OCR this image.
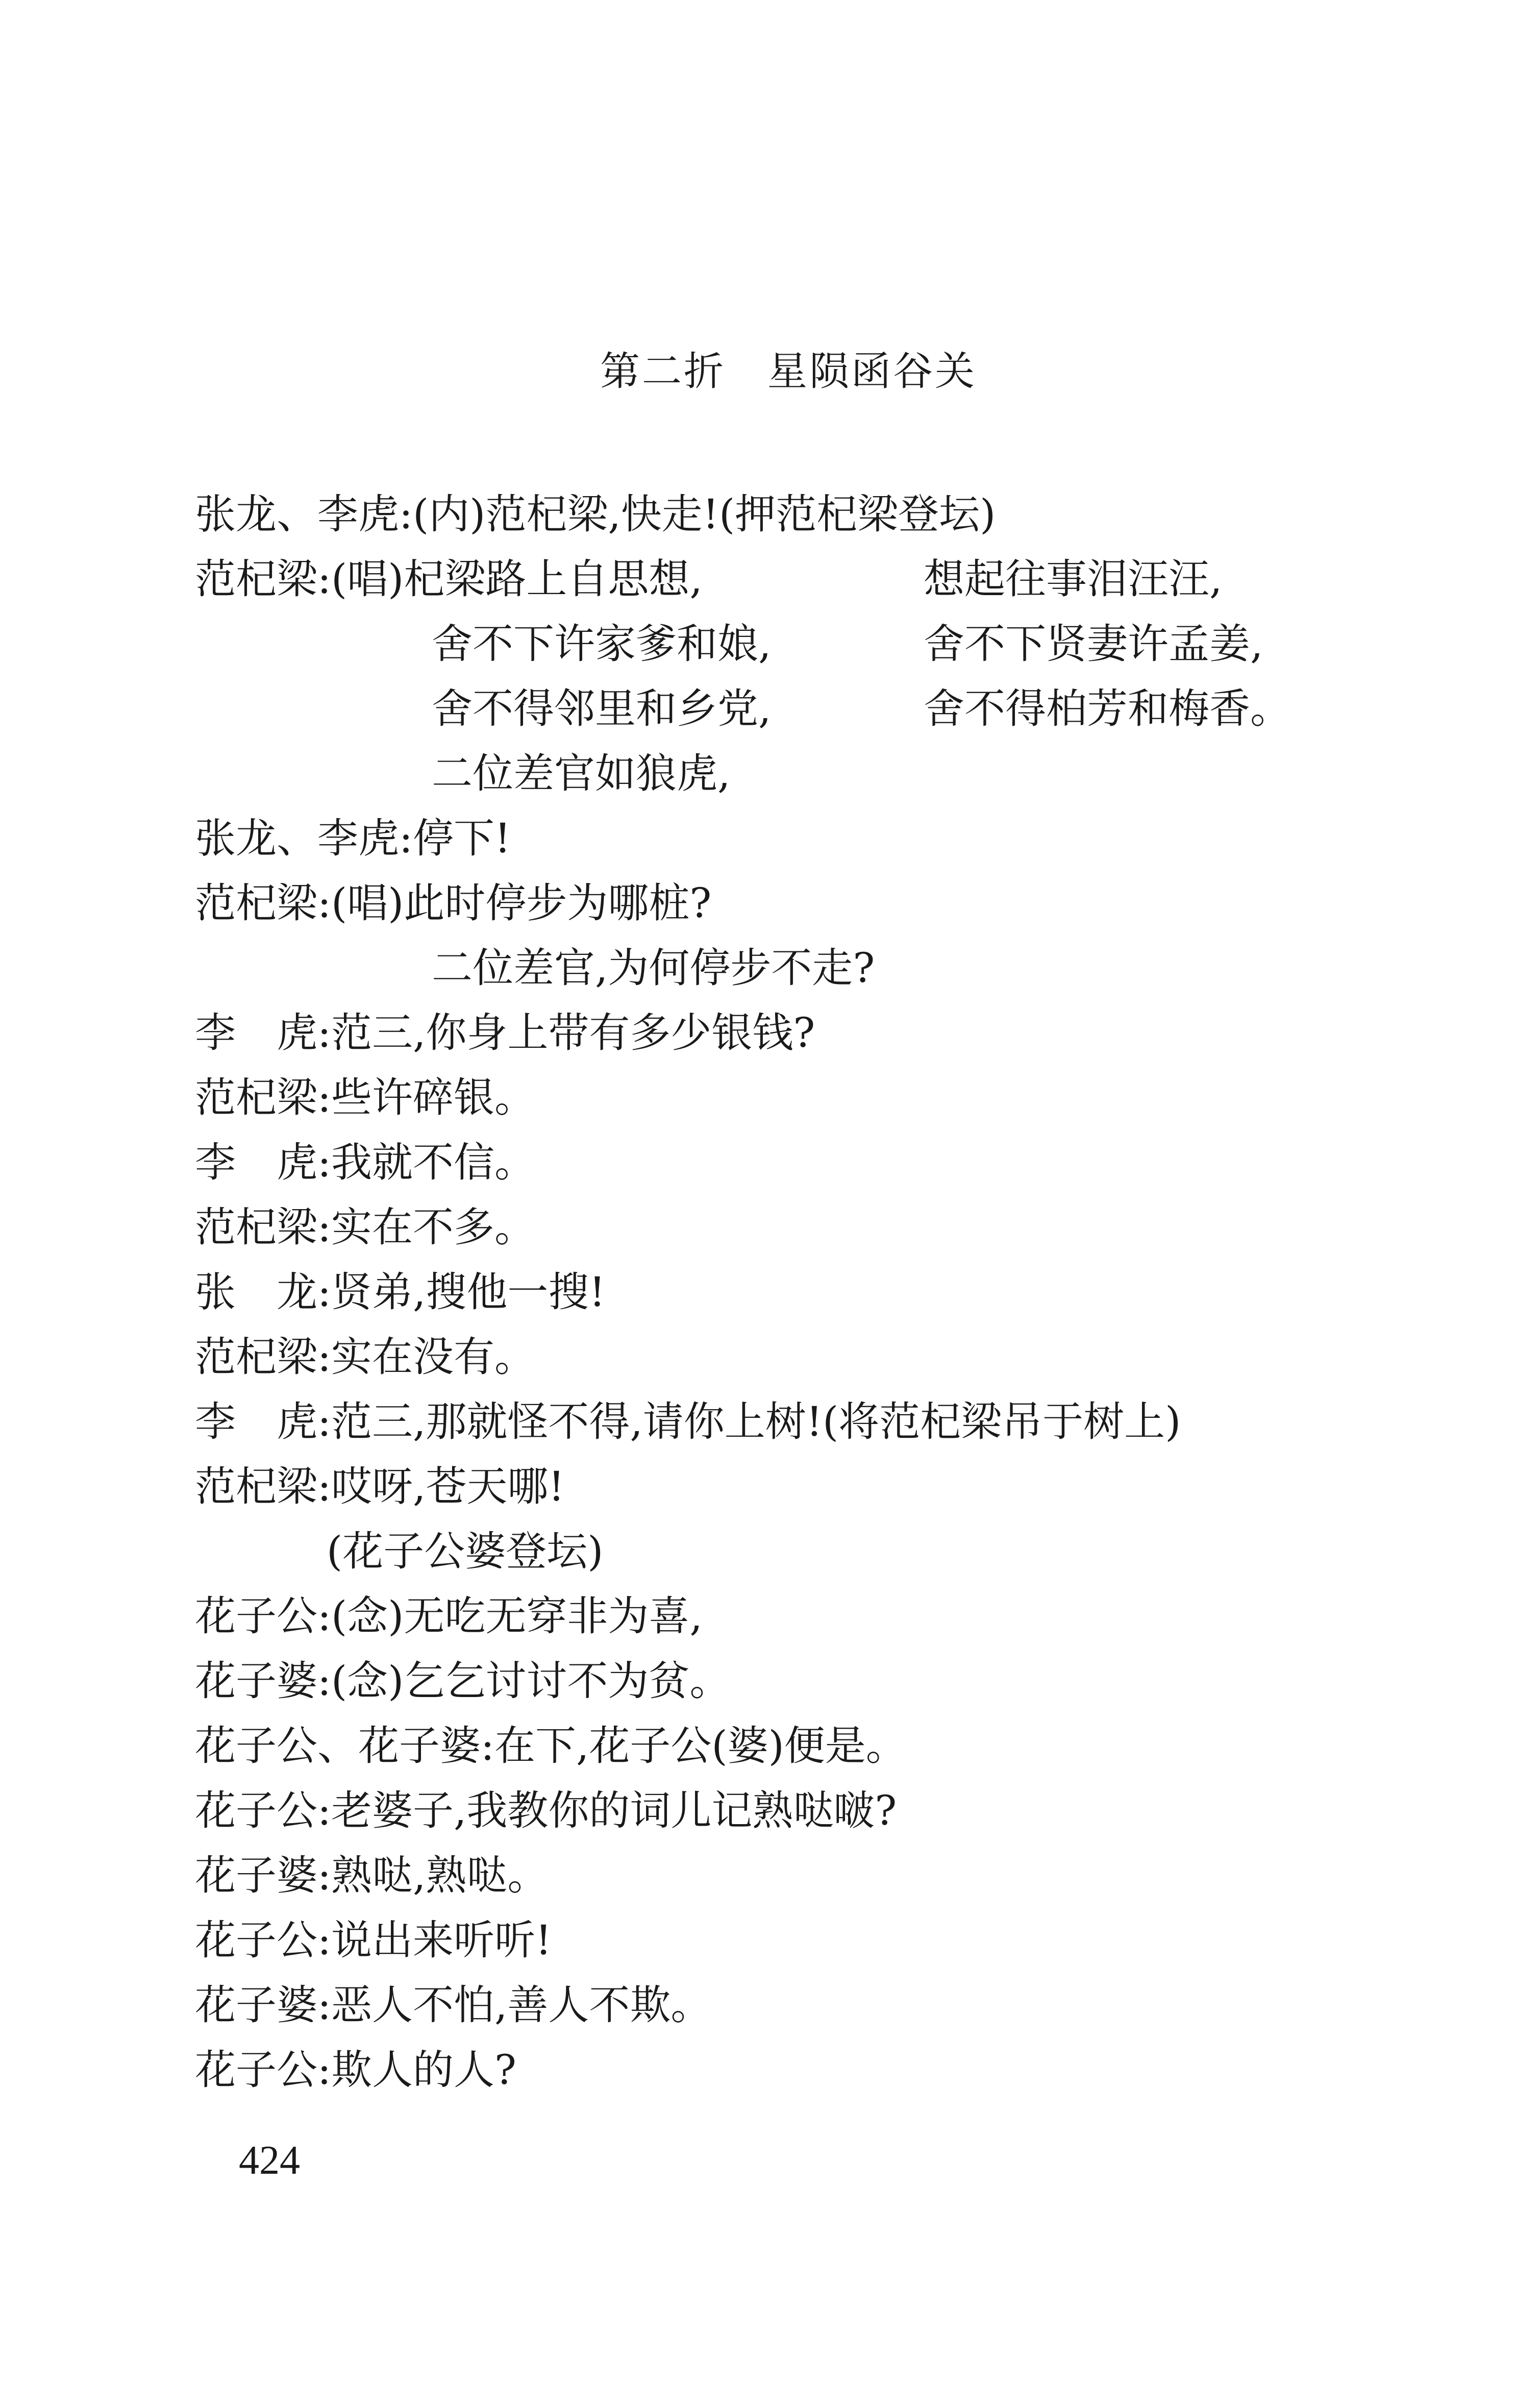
第二折　星陨函谷关
张龙、李虎:(内)范杞梁,快走!(押范杞梁登坛)
范杞梁:(唱)杞梁路上自思想,	想起往事泪汪汪,
舍不下许家爹和娘,	舍不下贤妻许孟姜,
舍不得邻里和乡党,	舍不得柏芳和梅香。
二位差官如狼虎,
张龙、李虎:停下!
范杞梁:(唱)此时停步为哪桩?
二位差官,为何停步不走?
李　虎:范三,你身上带有多少银钱?
范杞梁:些许碎银。
李　虎:我就不信。
范杞梁:实在不多。
张　龙:贤弟,搜他一搜!
范杞梁:实在没有。
李　虎:范三,那就怪不得,请你上树!(将范杞梁吊于树上)
范杞梁:哎呀,苍天哪!
(花子公婆登坛)
花子公:(念)无吃无穿非为喜,
花子婆:(念)乞乞讨讨不为贫。
花子公、花子婆:在下,花子公(婆)便是。
花子公:老婆子,我教你的词儿记熟哒啵?
花子婆:熟哒,熟哒。
花子公:说出来听听!
花子婆:恶人不怕,善人不欺。
花子公:欺人的人?
424
